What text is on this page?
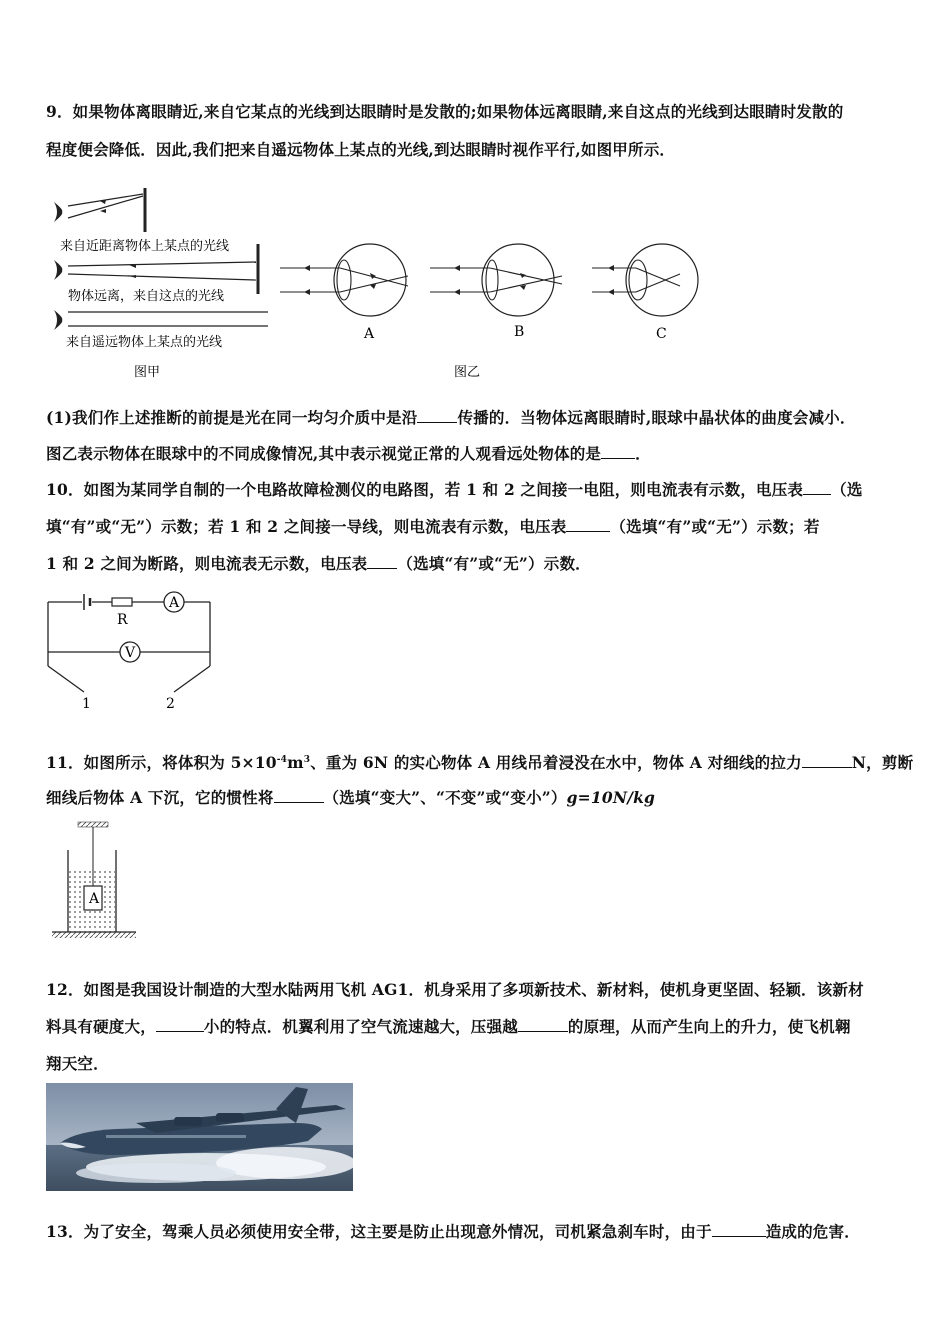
9．如果物体离眼睛近,来自它某点的光线到达眼睛时是发散的;如果物体远离眼睛,来自这点的光线到达眼睛时发散的
程度便会降低．因此,我们把来自遥远物体上某点的光线,到达眼睛时视作平行,如图甲所示．
来自近距离物体上某点的光线
物体远离，来自这点的光线
来自遥远物体上某点的光线
图甲
A	B	C
图乙
(1)我们作上述推断的前提是光在同一均匀介质中是沿	传播的．当物体远离眼睛时,眼球中晶状体的曲度会减小．
图乙表示物体在眼球中的不同成像情况,其中表示视觉正常的人观看远处物体的是 ．
10．如图为某同学自制的一个电路故障检测仪的电路图，若 1 和 2 之间接一电阻，则电流表有示数，电压表 （选
填“有”或“无”）示数；若 1 和 2 之间接一导线，则电流表有示数，电压表	（选填“有”或“无”）示数；若
1 和 2 之间为断路，则电流表无示数，电压表 （选填“有”或“无”）示数．
R
A
V
1	2
11．如图所示，将体积为 $5\times 10^{-4}m^3$、重为 6N 的实心物体 A 用线吊着浸没在水中，物体 A 对细线的拉力	N，剪断
细线后物体 A 下沉，它的惯性将	（选填“变大”、“不变”或“变小”）g=10N/kg
A
12．如图是我国设计制造的大型水陆两用飞机 AG1．机身采用了多项新技术、新材料，使机身更坚固、轻颖．该新材
料具有硬度大，	小的特点．机翼利用了空气流速越大，压强越	的原理，从而产生向上的升力，使飞机翱
翔天空．
13．为了安全，驾乘人员必须使用安全带，这主要是防止出现意外情况，司机紧急刹车时，由于	造成的危害．
